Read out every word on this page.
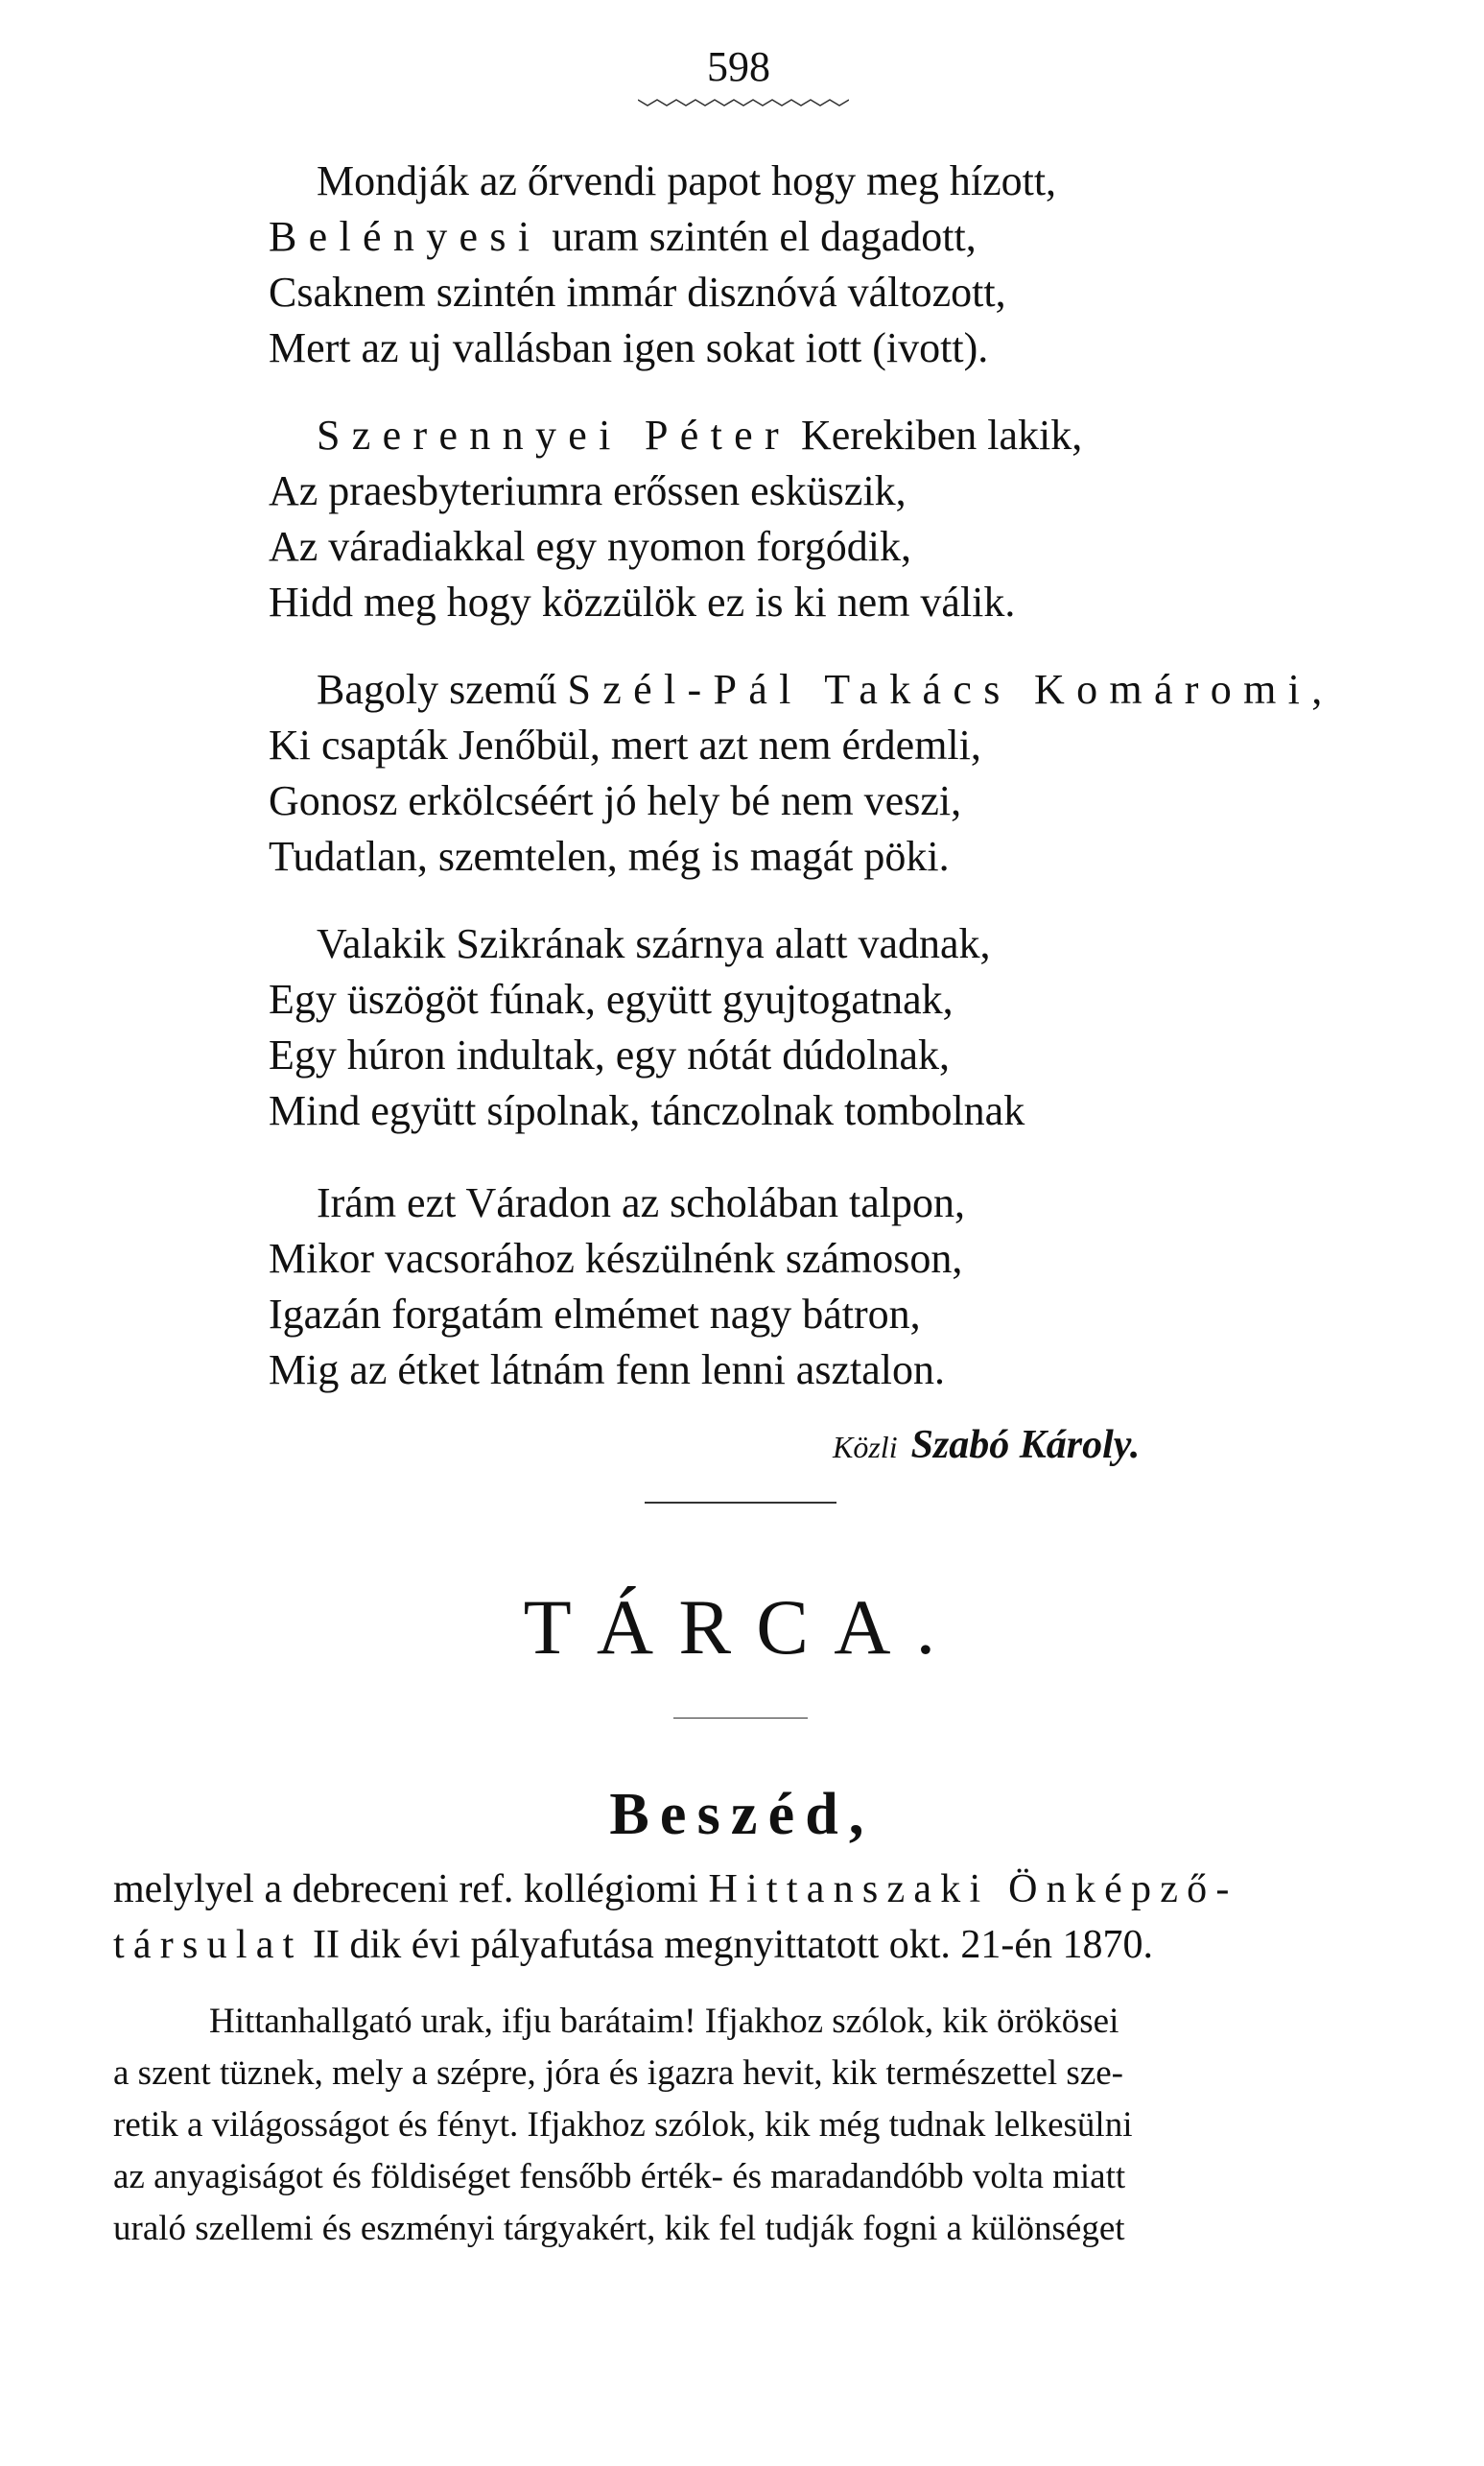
598
Mondják az őrvendi papot hogy meg hízott,
Belényesi uram szintén el dagadott,
Csaknem szintén immár disznóvá változott,
Mert az uj vallásban igen sokat iott (ivott).
Szerennyei Péter Kerekiben lakik,
Az praesbyteriumra erőssen esküszik,
Az váradiakkal egy nyomon forgódik,
Hidd meg hogy közzülök ez is ki nem válik.
Bagoly szemű Szél-Pál Takács Komáromi,
Ki csapták Jenőbül, mert azt nem érdemli,
Gonosz erkölcséért jó hely bé nem veszi,
Tudatlan, szemtelen, még is magát pöki.
Valakik Szikrának szárnya alatt vadnak,
Egy üszögöt fúnak, együtt gyujtogatnak,
Egy húron indultak, egy nótát dúdolnak,
Mind együtt sípolnak, tánczolnak tombolnak
Irám ezt Váradon az scholában talpon,
Mikor vacsorához készülnénk számoson,
Igazán forgatám elmémet nagy bátron,
Mig az étket látnám fenn lenni asztalon.
Közli Szabó Károly.
TÁRCA.
Beszéd,
melylyel a debreceni ref. kollégiomi Hittanszaki Önképző-
társulat II dik évi pályafutása megnyittatott okt. 21-én 1870.
Hittanhallgató urak, ifju barátaim! Ifjakhoz szólok, kik örökösei
a szent tüznek, mely a szépre, jóra és igazra hevit, kik természettel sze-
retik a világosságot és fényt. Ifjakhoz szólok, kik még tudnak lelkesülni
az anyagiságot és földiséget fensőbb érték- és maradandóbb volta miatt
uraló szellemi és eszményi tárgyakért, kik fel tudják fogni a különséget
